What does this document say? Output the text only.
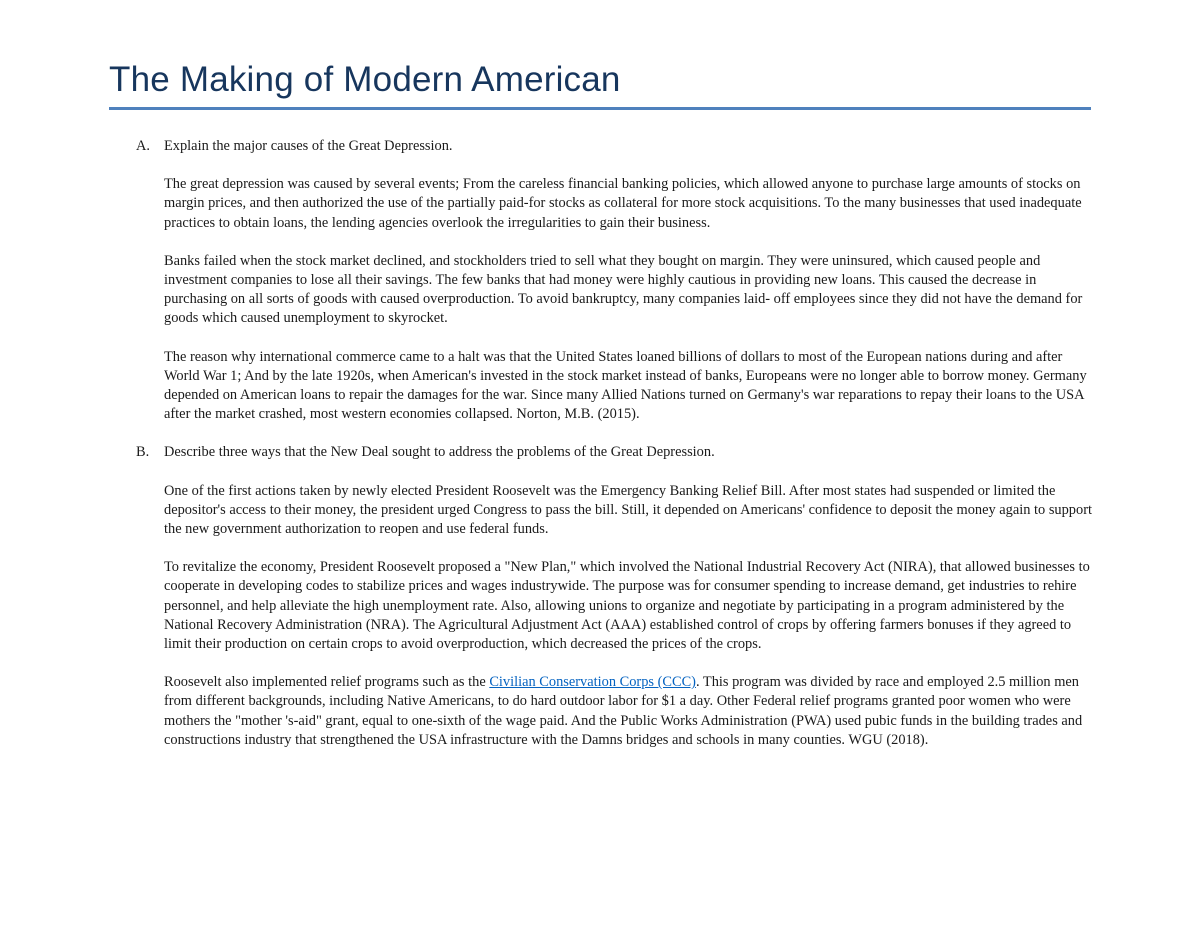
The Making of Modern American
A. Explain the major causes of the Great Depression.

The great depression was caused by several events; From the careless financial banking policies, which allowed anyone to purchase large amounts of stocks on margin prices, and then authorized the use of the partially paid-for stocks as collateral for more stock acquisitions. To the many businesses that used inadequate practices to obtain loans, the lending agencies overlook the irregularities to gain their business.

Banks failed when the stock market declined, and stockholders tried to sell what they bought on margin. They were uninsured, which caused people and investment companies to lose all their savings. The few banks that had money were highly cautious in providing new loans. This caused the decrease in purchasing on all sorts of goods with caused overproduction. To avoid bankruptcy, many companies laid- off employees since they did not have the demand for goods which caused unemployment to skyrocket.

The reason why international commerce came to a halt was that the United States loaned billions of dollars to most of the European nations during and after World War 1; And by the late 1920s, when American's invested in the stock market instead of banks, Europeans were no longer able to borrow money. Germany depended on American loans to repair the damages for the war. Since many Allied Nations turned on Germany's war reparations to repay their loans to the USA after the market crashed, most western economies collapsed. Norton, M.B. (2015).

B. Describe three ways that the New Deal sought to address the problems of the Great Depression.

One of the first actions taken by newly elected President Roosevelt was the Emergency Banking Relief Bill. After most states had suspended or limited the depositor's access to their money, the president urged Congress to pass the bill. Still, it depended on Americans' confidence to deposit the money again to support the new government authorization to reopen and use federal funds.

To revitalize the economy, President Roosevelt proposed a "New Plan," which involved the National Industrial Recovery Act (NIRA), that allowed businesses to cooperate in developing codes to stabilize prices and wages industrywide. The purpose was for consumer spending to increase demand, get industries to rehire personnel, and help alleviate the high unemployment rate. Also, allowing unions to organize and negotiate by participating in a program administered by the National Recovery Administration (NRA). The Agricultural Adjustment Act (AAA) established control of crops by offering farmers bonuses if they agreed to limit their production on certain crops to avoid overproduction, which decreased the prices of the crops.

Roosevelt also implemented relief programs such as the Civilian Conservation Corps (CCC). This program was divided by race and employed 2.5 million men from different backgrounds, including Native Americans, to do hard outdoor labor for $1 a day. Other Federal relief programs granted poor women who were mothers the "mother 's-aid" grant, equal to one-sixth of the wage paid. And the Public Works Administration (PWA) used pubic funds in the building trades and constructions industry that strengthened the USA infrastructure with the Damns bridges and schools in many counties. WGU (2018).
